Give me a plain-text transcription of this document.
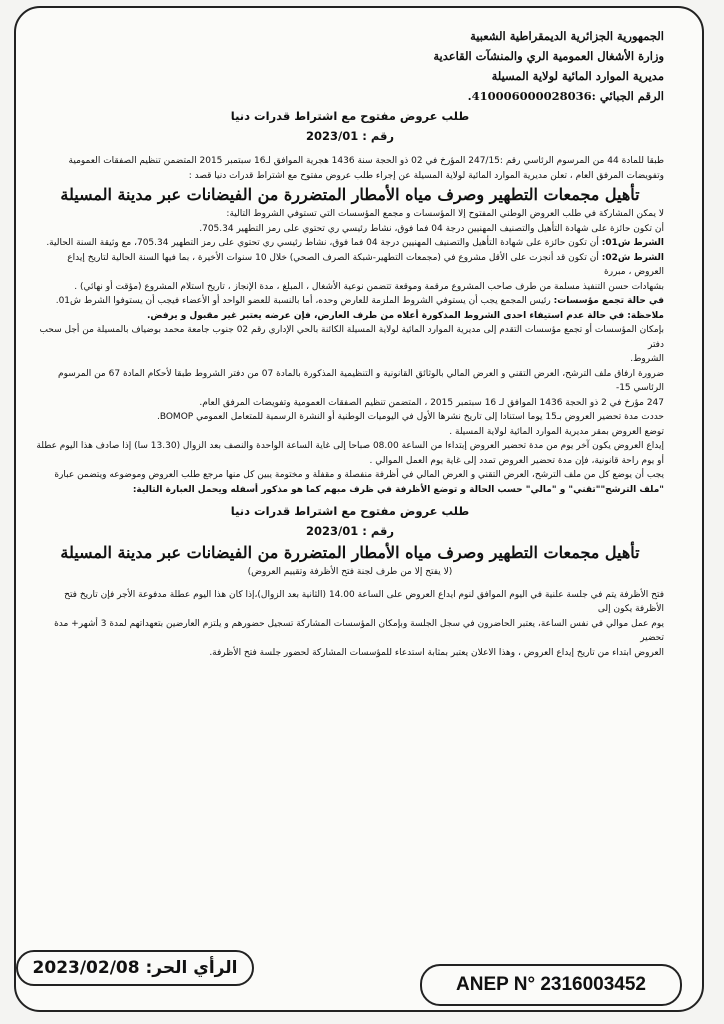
الجمهورية الجزائرية الديمقراطية الشعبية
وزارة الأشغال العمومية الري والمنشآت القاعدية
مديرية الموارد المائية لولاية المسيلة
الرقم الجبائي :410006000028036.
طلب عروض مفتوح مع اشتراط قدرات دنيا
رقم : 2023/01
طبقا للمادة 44 من المرسوم الرئاسي رقم :247/15 المؤرخ في 02 ذو الحجة سنة 1436 هجرية الموافق لـ16 سبتمبر 2015 المتضمن تنظيم الصفقات العمومية
وتفويضات المرفق العام ، تعلن مديرية الموارد المائية لولاية المسيلة عن إجراء طلب عروض مفتوح مع اشتراط قدرات دنيا قصد :
تأهيل مجمعات التطهير وصرف مياه الأمطار المتضررة من الفيضانات عبر مدينة المسيلة
لا يمكن المشاركة في طلب العروض الوطني المفتوح إلا المؤسسات و مجمع المؤسسات التي تستوفي الشروط التالية:
أن تكون حائزة على شهادة التأهيل والتصنيف المهنيين درجة 04 فما فوق، نشاط رئيسي ري تحتوي على رمز التطهير 705.34.
الشرط ش01: أن تكون حائزة على شهادة التأهيل والتصنيف المهنيين درجة 04 فما فوق، نشاط رئيسي ري تحتوي على رمز التطهير 705.34، مع وثيقة السنة الحالية.
الشرط ش02: أن تكون قد أنجزت على الأقل مشروع في (مجمعات التطهير-شبكة الصرف الصحي) خلال 10 سنوات الأخيرة ، بما فيها السنة الحالية لتاريخ إيداع العروض ، مبررة
بشهادات حسن التنفيذ مسلمة من طرف صاحب المشروع مرقمة وموقعة تتضمن نوعية الأشغال ، المبلغ ، مدة الإنجاز ، تاريخ استلام المشروع (مؤقت أو نهائي) .
في حالة تجمع مؤسسات: رئيس المجمع يجب أن يستوفي الشروط الملزمة للعارض وحده، أما بالنسبة للعضو الواحد أو الأعضاء فيجب أن يستوفوا الشرط ش01.
ملاحظة: في حالة عدم استيفاء احدى الشروط المذكورة أعلاه من طرف العارض، فإن عرضه يعتبر غير مقبول و يرفض.
بإمكان المؤسسات أو تجمع مؤسسات التقدم إلى مديرية الموارد المائية لولاية المسيلة الكائنة بالحي الإداري رقم 02 جنوب جامعة محمد بوضياف بالمسيلة من أجل سحب دفتر
الشروط.
ضرورة ارفاق ملف الترشح، العرض التقني و العرض المالي بالوثائق القانونية و التنظيمية المذكورة بالمادة 07 من دفتر الشروط طبقا لأحكام المادة 67 من المرسوم الرئاسي 15-
247 مؤرخ في 2 ذو الحجة 1436 الموافق لـ 16 سبتمبر 2015 ، المتضمن تنظيم الصفقات العمومية وتفويضات المرفق العام.
حددت مدة تحضير العروض بـ15 يوما استنادا إلى تاريخ نشرها الأول في اليوميات الوطنية أو النشرة الرسمية للمتعامل العمومي BOMOP.
توضع العروض بمقر مديرية الموارد المائية لولاية المسيلة .
إيداع العروض يكون آخر يوم من مدة تحضير العروض إبتداءا من الساعة 08.00 صباحا إلى غاية الساعة الواحدة والنصف بعد الزوال (13.30 سا) إذا صادف هذا اليوم عطلة
أو يوم راحة قانونية، فإن مدة تحضير العروض تمدد إلى غاية يوم العمل الموالي .
يجب أن يوضع كل من ملف الترشح، العرض التقني و العرض المالي في أظرفة منفصلة و مقفلة و مختومة يبين كل منها مرجع طلب العروض وموضوعه ويتضمن عبارة
"ملف الترشح""تقني" و "مالي" حسب الحالة و توضع الأظرفة في ظرف مبهم كما هو مذكور أسفله ويحمل العبارة التالية:
طلب عروض مفتوح مع اشتراط قدرات دنيا
رقم : 2023/01
تأهيل مجمعات التطهير وصرف مياه الأمطار المتضررة من الفيضانات عبر مدينة المسيلة
(لا يفتح إلا من طرف لجنة فتح الأظرفة وتقييم العروض)
فتح الأظرفة يتم في جلسة علنية في اليوم الموافق لنوم ايداع العروض على الساعة 14.00 (الثانية بعد الزوال)،إذا كان هذا اليوم عطلة مدفوعة الأجر فإن تاريخ فتح الأظرفة يكون إلى
يوم عمل موالي في نفس الساعة، يعتبر الحاضرون في سجل الجلسة وبإمكان المؤسسات المشاركة تسجيل حضورهم و يلتزم العارضين بتعهداتهم لمدة 3 أشهر+ مدة تحضير
العروض ابتداء من تاريخ إيداع العروض ، وهذا الاعلان يعتبر بمثابة استدعاء للمؤسسات المشاركة لحضور جلسة فتح الأظرفة.
الرأي الحر: 2023/02/08
ANEP N° 2316003452
